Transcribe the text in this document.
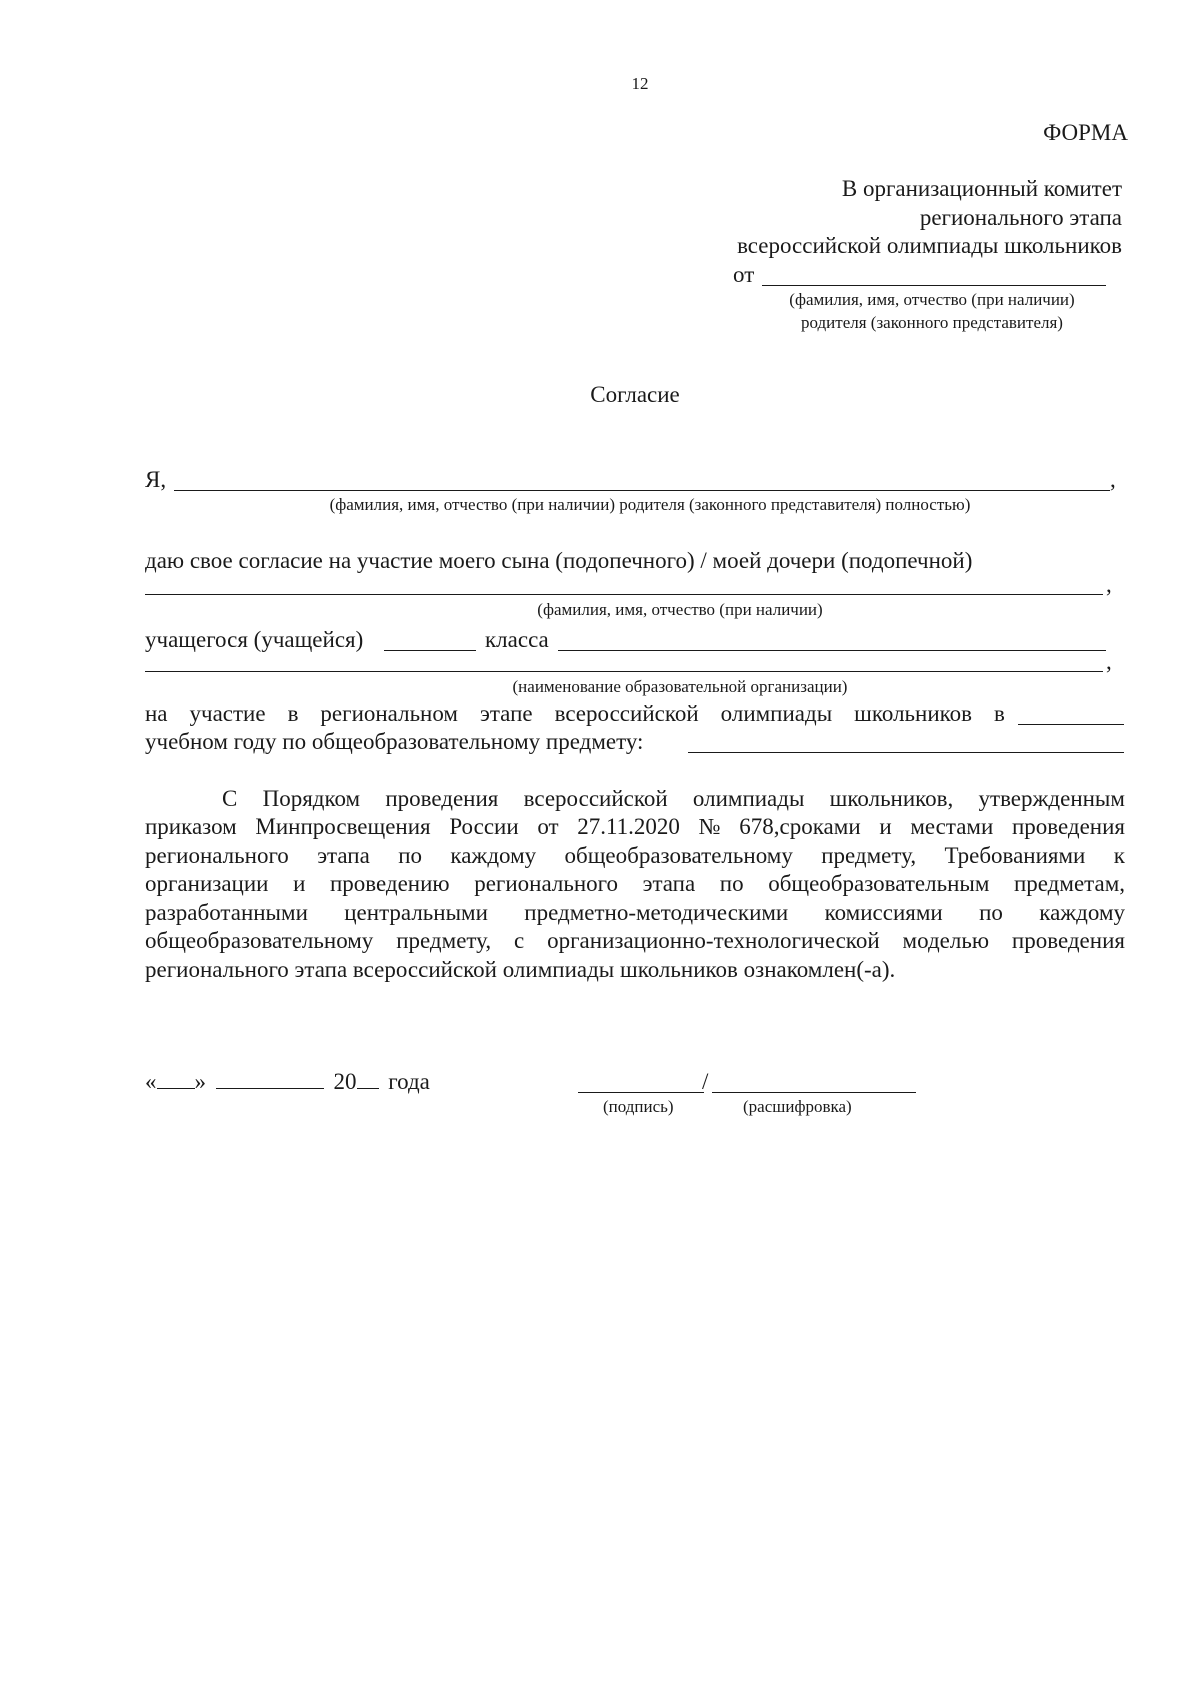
12
ФОРМА
В организационный комитет
регионального этапа
всероссийской олимпиады школьников
от
(фамилия, имя, отчество (при наличии)
родителя (законного представителя)
Согласие
Я,	,
(фамилия, имя, отчество (при наличии) родителя (законного представителя) полностью)
даю свое согласие на участие моего сына (подопечного) / моей дочери (подопечной)
,
(фамилия, имя, отчество (при наличии)
учащегося (учащейся)	класса
,
(наименование образовательной организации)
на участие в региональном этапе всероссийской олимпиады школьников в
учебном году по общеобразовательному предмету:
С Порядком проведения всероссийской олимпиады школьников, утвержденным
приказом Минпросвещения России от 27.11.2020 № 678,сроками и местами проведения
регионального этапа по каждому общеобразовательному предмету, Требованиями к
организации и проведению регионального этапа по общеобразовательным предметам,
разработанными центральными предметно-методическими комиссиями по каждому
общеобразовательному предмету, с организационно-технологической моделью проведения
регионального этапа всероссийской олимпиады школьников ознакомлен(-а).
« »	20 года	/
(подпись)	(расшифровка)
